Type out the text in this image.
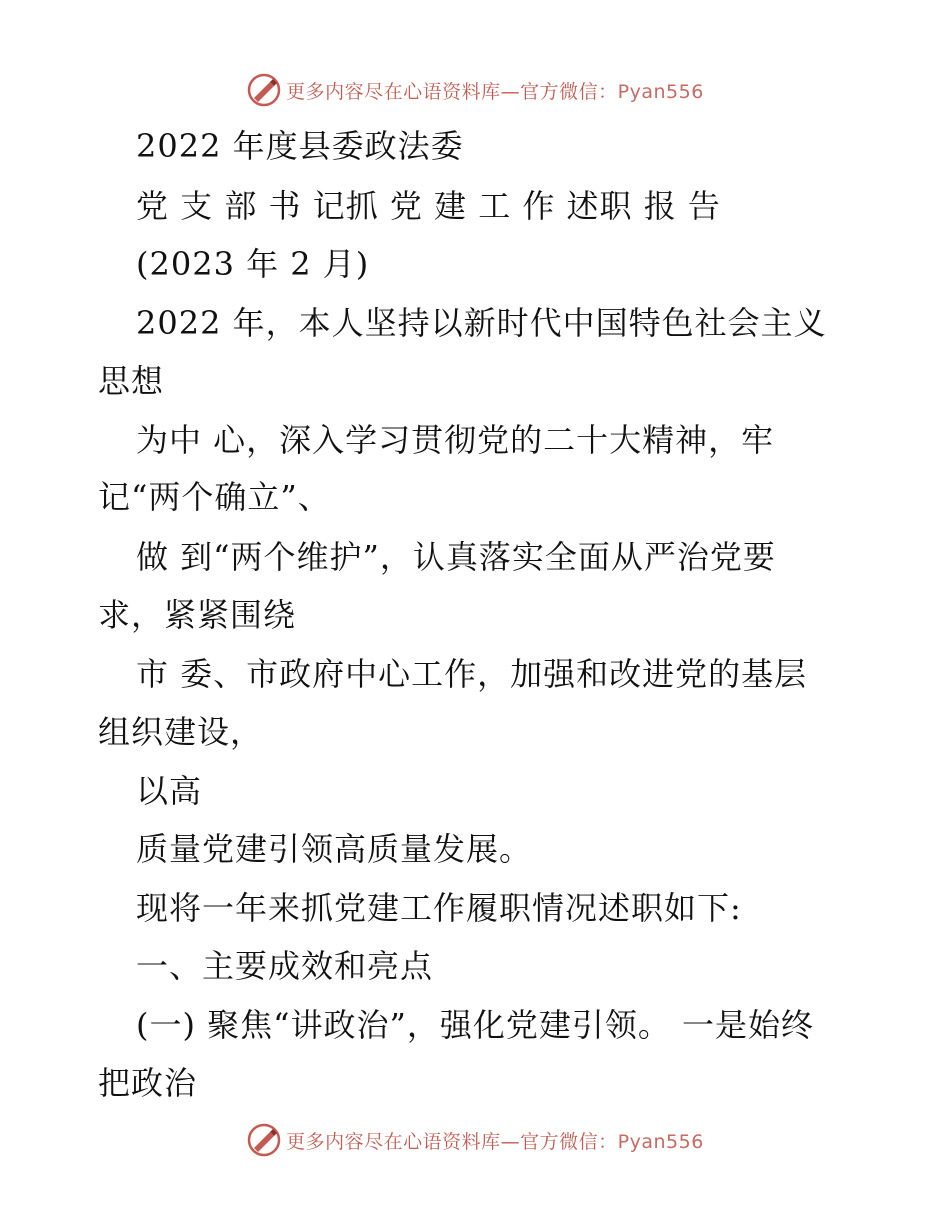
更多内容尽在心语资料库—官方微信：Pyan556
2022 年度县委政法委
党 支 部 书 记抓 党 建 工 作 述职 报 告
(2023 年 2 月)
2022 年，本人坚持以新时代中国特色社会主义
思想
为中 心，深入学习贯彻党的二十大精神，牢
记“两个确立”、
做 到“两个维护”，认真落实全面从严治党要
求，紧紧围绕
市 委、市政府中心工作，加强和改进党的基层
组织建设，
以高
质量党建引领高质量发展。
现将一年来抓党建工作履职情况述职如下:
一、主要成效和亮点
(一) 聚焦“讲政治”，强化党建引领。 一是始终
把政治
更多内容尽在心语资料库—官方微信：Pyan556
